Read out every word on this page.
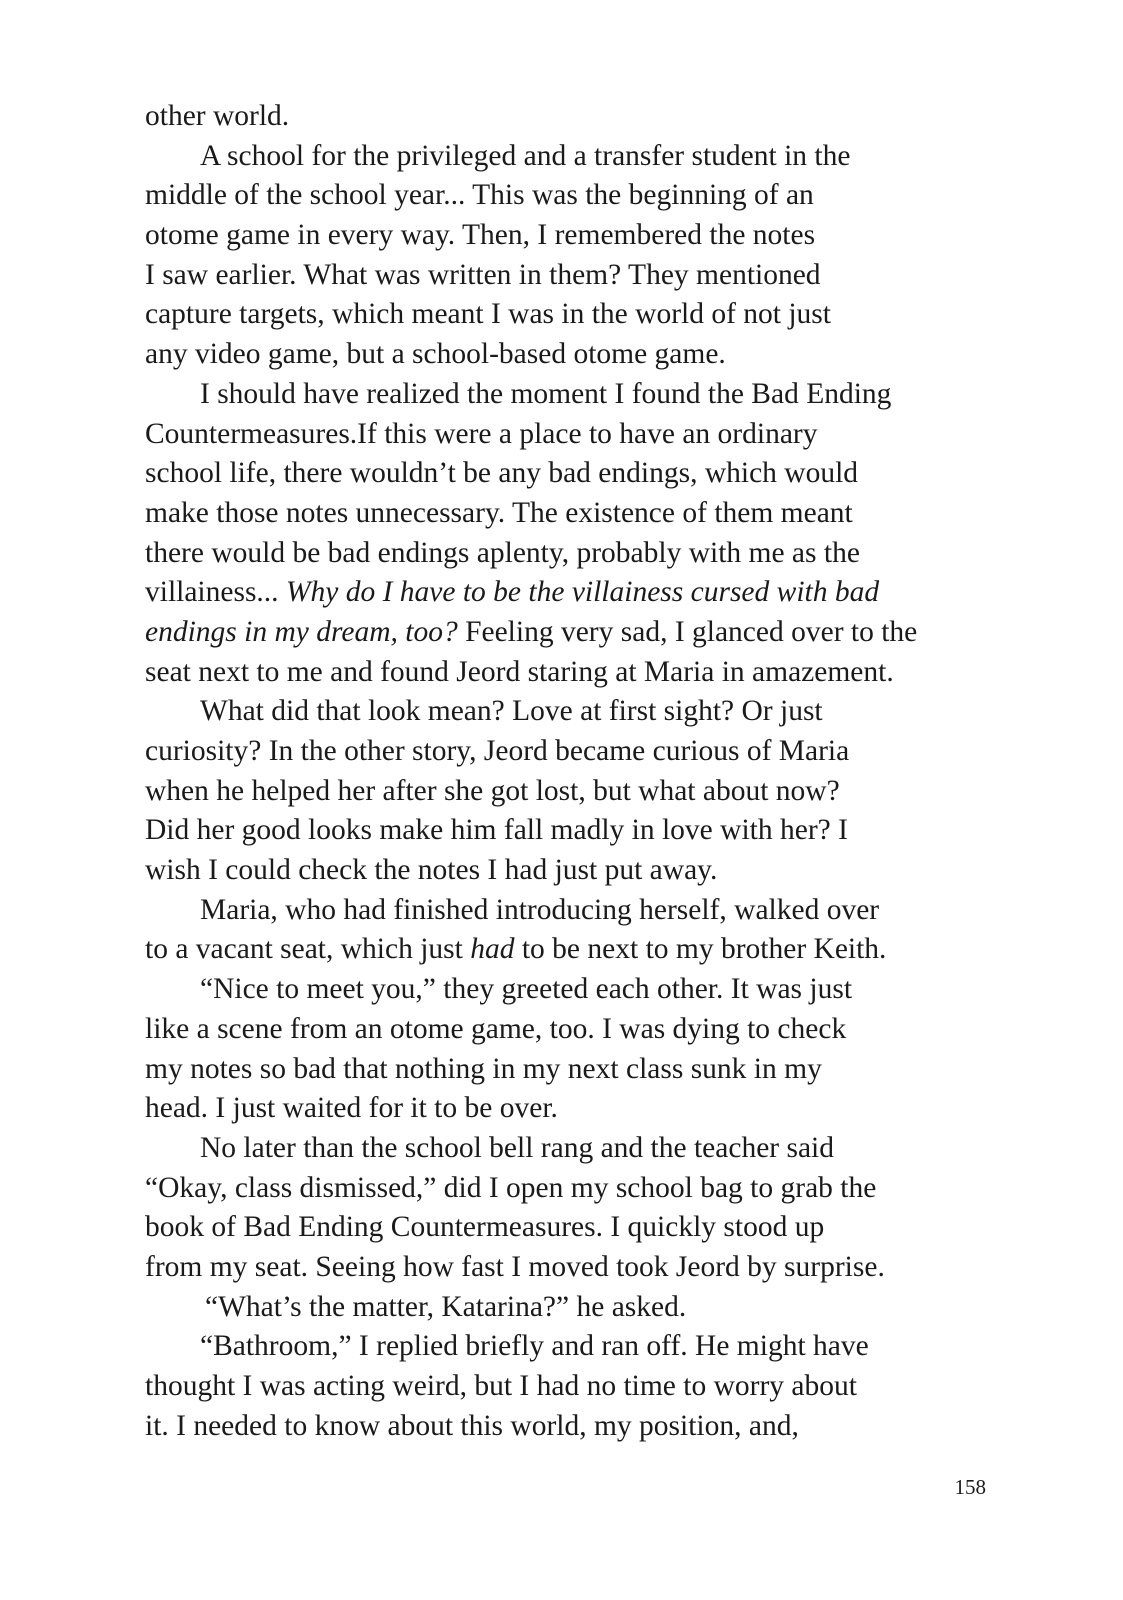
other world.
A school for the privileged and a transfer student in the
middle of the school year... This was the beginning of an
otome game in every way. Then, I remembered the notes
I saw earlier. What was written in them? They mentioned
capture targets, which meant I was in the world of not just
any video game, but a school-based otome game.
I should have realized the moment I found the Bad Ending
Countermeasures.If this were a place to have an ordinary
school life, there wouldn’t be any bad endings, which would
make those notes unnecessary. The existence of them meant
there would be bad endings aplenty, probably with me as the
villainess... Why do I have to be the villainess cursed with bad
endings in my dream, too? Feeling very sad, I glanced over to the
seat next to me and found Jeord staring at Maria in amazement.
What did that look mean? Love at first sight? Or just
curiosity? In the other story, Jeord became curious of Maria
when he helped her after she got lost, but what about now?
Did her good looks make him fall madly in love with her? I
wish I could check the notes I had just put away.
Maria, who had finished introducing herself, walked over
to a vacant seat, which just had to be next to my brother Keith.
“Nice to meet you,” they greeted each other. It was just
like a scene from an otome game, too. I was dying to check
my notes so bad that nothing in my next class sunk in my
head. I just waited for it to be over.
No later than the school bell rang and the teacher said
“Okay, class dismissed,” did I open my school bag to grab the
book of Bad Ending Countermeasures. I quickly stood up
from my seat. Seeing how fast I moved took Jeord by surprise.
“What’s the matter, Katarina?” he asked.
“Bathroom,” I replied briefly and ran off. He might have
thought I was acting weird, but I had no time to worry about
it. I needed to know about this world, my position, and,
158
